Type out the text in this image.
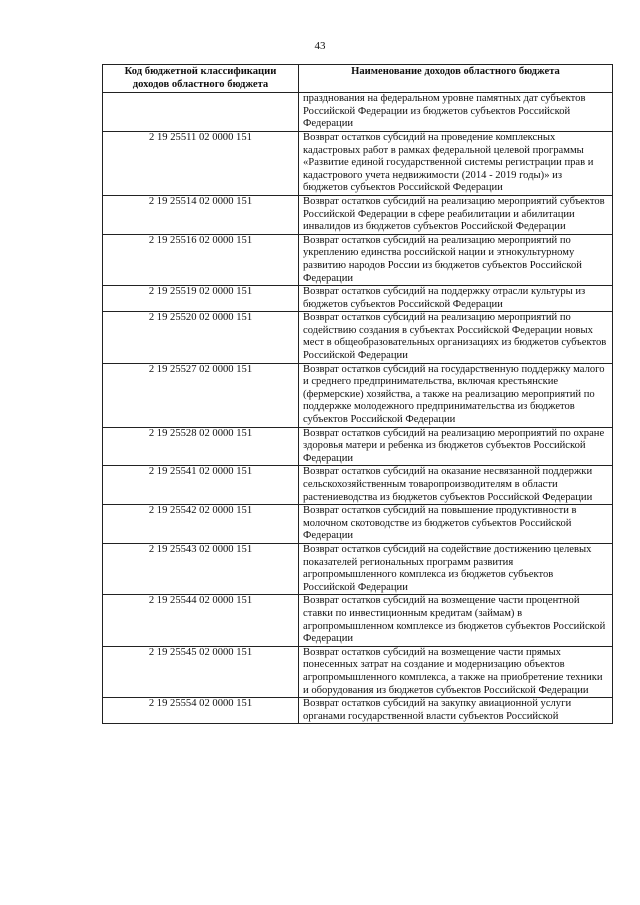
43
Код бюджетной классификации доходов областного бюджета	Наименование доходов областного бюджета
	празднования на федеральном уровне памятных дат субъектов Российской Федерации из бюджетов субъектов Российской Федерации
2 19 25511 02 0000 151	Возврат остатков субсидий на проведение комплексных кадастровых работ в рамках федеральной целевой программы «Развитие единой государственной системы регистрации прав и кадастрового учета недвижимости (2014 - 2019 годы)» из бюджетов субъектов Российской Федерации
2 19 25514 02 0000 151	Возврат остатков субсидий на реализацию мероприятий субъектов Российской Федерации в сфере реабилитации и абилитации инвалидов из бюджетов субъектов Российской Федерации
2 19 25516 02 0000 151	Возврат остатков субсидий на реализацию мероприятий по укреплению единства российской нации и этнокультурному развитию народов России из бюджетов субъектов Российской Федерации
2 19 25519 02 0000 151	Возврат остатков субсидий на поддержку отрасли культуры из бюджетов субъектов Российской Федерации
2 19 25520 02 0000 151	Возврат остатков субсидий на реализацию мероприятий по содействию создания в субъектах Российской Федерации новых мест в общеобразовательных организациях из бюджетов субъектов Российской Федерации
2 19 25527 02 0000 151	Возврат остатков субсидий на государственную поддержку малого и среднего предпринимательства, включая крестьянские (фермерские) хозяйства, а также на реализацию мероприятий по поддержке молодежного предпринимательства из бюджетов субъектов Российской Федерации
2 19 25528 02 0000 151	Возврат остатков субсидий на реализацию мероприятий по охране здоровья матери и ребенка из бюджетов субъектов Российской Федерации
2 19 25541 02 0000 151	Возврат остатков субсидий на оказание несвязанной поддержки сельскохозяйственным товаропроизводителям в области растениеводства из бюджетов субъектов Российской Федерации
2 19 25542 02 0000 151	Возврат остатков субсидий на повышение продуктивности в молочном скотоводстве из бюджетов субъектов Российской Федерации
2 19 25543 02 0000 151	Возврат остатков субсидий на содействие достижению целевых показателей региональных программ развития агропромышленного комплекса из бюджетов субъектов Российской Федерации
2 19 25544 02 0000 151	Возврат остатков субсидий на возмещение части процентной ставки по инвестиционным кредитам (займам) в агропромышленном комплексе из бюджетов субъектов Российской Федерации
2 19 25545 02 0000 151	Возврат остатков субсидий на возмещение части прямых понесенных затрат на создание и модернизацию объектов агропромышленного комплекса, а также на приобретение техники и оборудования из бюджетов субъектов Российской Федерации
2 19 25554 02 0000 151	Возврат остатков субсидий на закупку авиационной услуги органами государственной власти субъектов Российской
